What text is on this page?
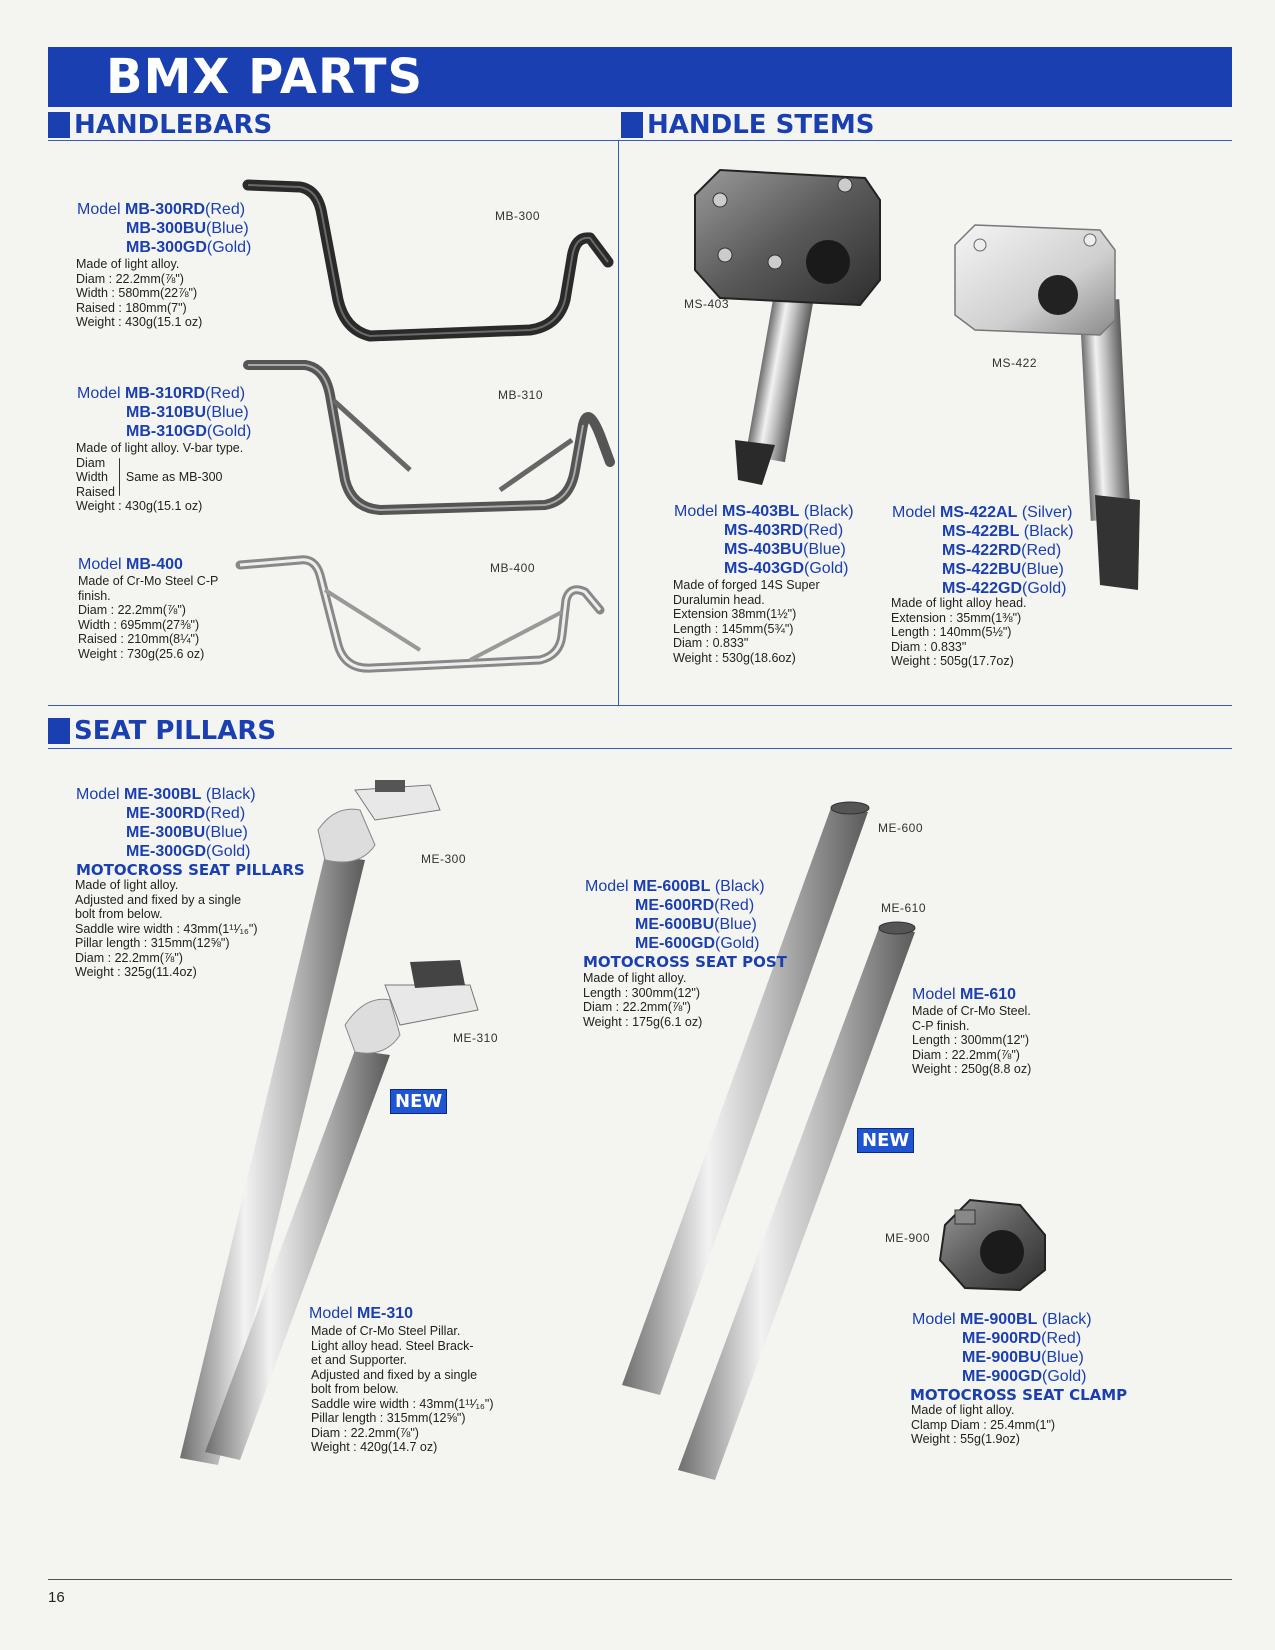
BMX PARTS
HANDLEBARS	HANDLE STEMS
SEAT PILLARS
MB-300
MB-310
MB-400
MS-403
MS-422
ME-300
ME-310
ME-600
ME-610
ME-900
NEW
NEW
Model MB-300RD(Red)
MB-300BU(Blue)
MB-300GD(Gold)
Made of light alloy.
Diam : 22.2mm(⅞")
Width : 580mm(22⅞")
Raised : 180mm(7")
Weight : 430g(15.1 oz)
Model MB-310RD(Red)
MB-310BU(Blue)
MB-310GD(Gold)
Made of light alloy. V-bar type.
Diam
Width
Raised
Same as MB-300
Weight : 430g(15.1 oz)
Model MB-400
Made of Cr-Mo Steel C-P
finish.
Diam : 22.2mm(⅞")
Width : 695mm(27⅜")
Raised : 210mm(8¼")
Weight : 730g(25.6 oz)
Model MS-403BL (Black)
MS-403RD(Red)
MS-403BU(Blue)
MS-403GD(Gold)
Made of forged 14S Super
Duralumin head.
Extension 38mm(1½")
Length : 145mm(5¾")
Diam : 0.833"
Weight : 530g(18.6oz)
Model MS-422AL (Silver)
MS-422BL (Black)
MS-422RD(Red)
MS-422BU(Blue)
MS-422GD(Gold)
Made of light alloy head.
Extension : 35mm(1⅜")
Length : 140mm(5½")
Diam : 0.833"
Weight : 505g(17.7oz)
Model ME-300BL (Black)
ME-300RD(Red)
ME-300BU(Blue)
ME-300GD(Gold)
MOTOCROSS SEAT PILLARS
Made of light alloy.
Adjusted and fixed by a single
bolt from below.
Saddle wire width : 43mm(1¹¹⁄₁₆")
Pillar length : 315mm(12⅝")
Diam : 22.2mm(⅞")
Weight : 325g(11.4oz)
Model ME-310
Made of Cr-Mo Steel Pillar.
Light alloy head. Steel Brack-
et and Supporter.
Adjusted and fixed by a single
bolt from below.
Saddle wire width : 43mm(1¹¹⁄₁₆")
Pillar length : 315mm(12⅝")
Diam : 22.2mm(⅞")
Weight : 420g(14.7 oz)
Model ME-600BL (Black)
ME-600RD(Red)
ME-600BU(Blue)
ME-600GD(Gold)
MOTOCROSS SEAT POST
Made of light alloy.
Length : 300mm(12")
Diam : 22.2mm(⅞")
Weight : 175g(6.1 oz)
Model ME-610
Made of Cr-Mo Steel.
C-P finish.
Length : 300mm(12")
Diam : 22.2mm(⅞")
Weight : 250g(8.8 oz)
Model ME-900BL (Black)
ME-900RD(Red)
ME-900BU(Blue)
ME-900GD(Gold)
MOTOCROSS SEAT CLAMP
Made of light alloy.
Clamp Diam : 25.4mm(1")
Weight : 55g(1.9oz)
16
